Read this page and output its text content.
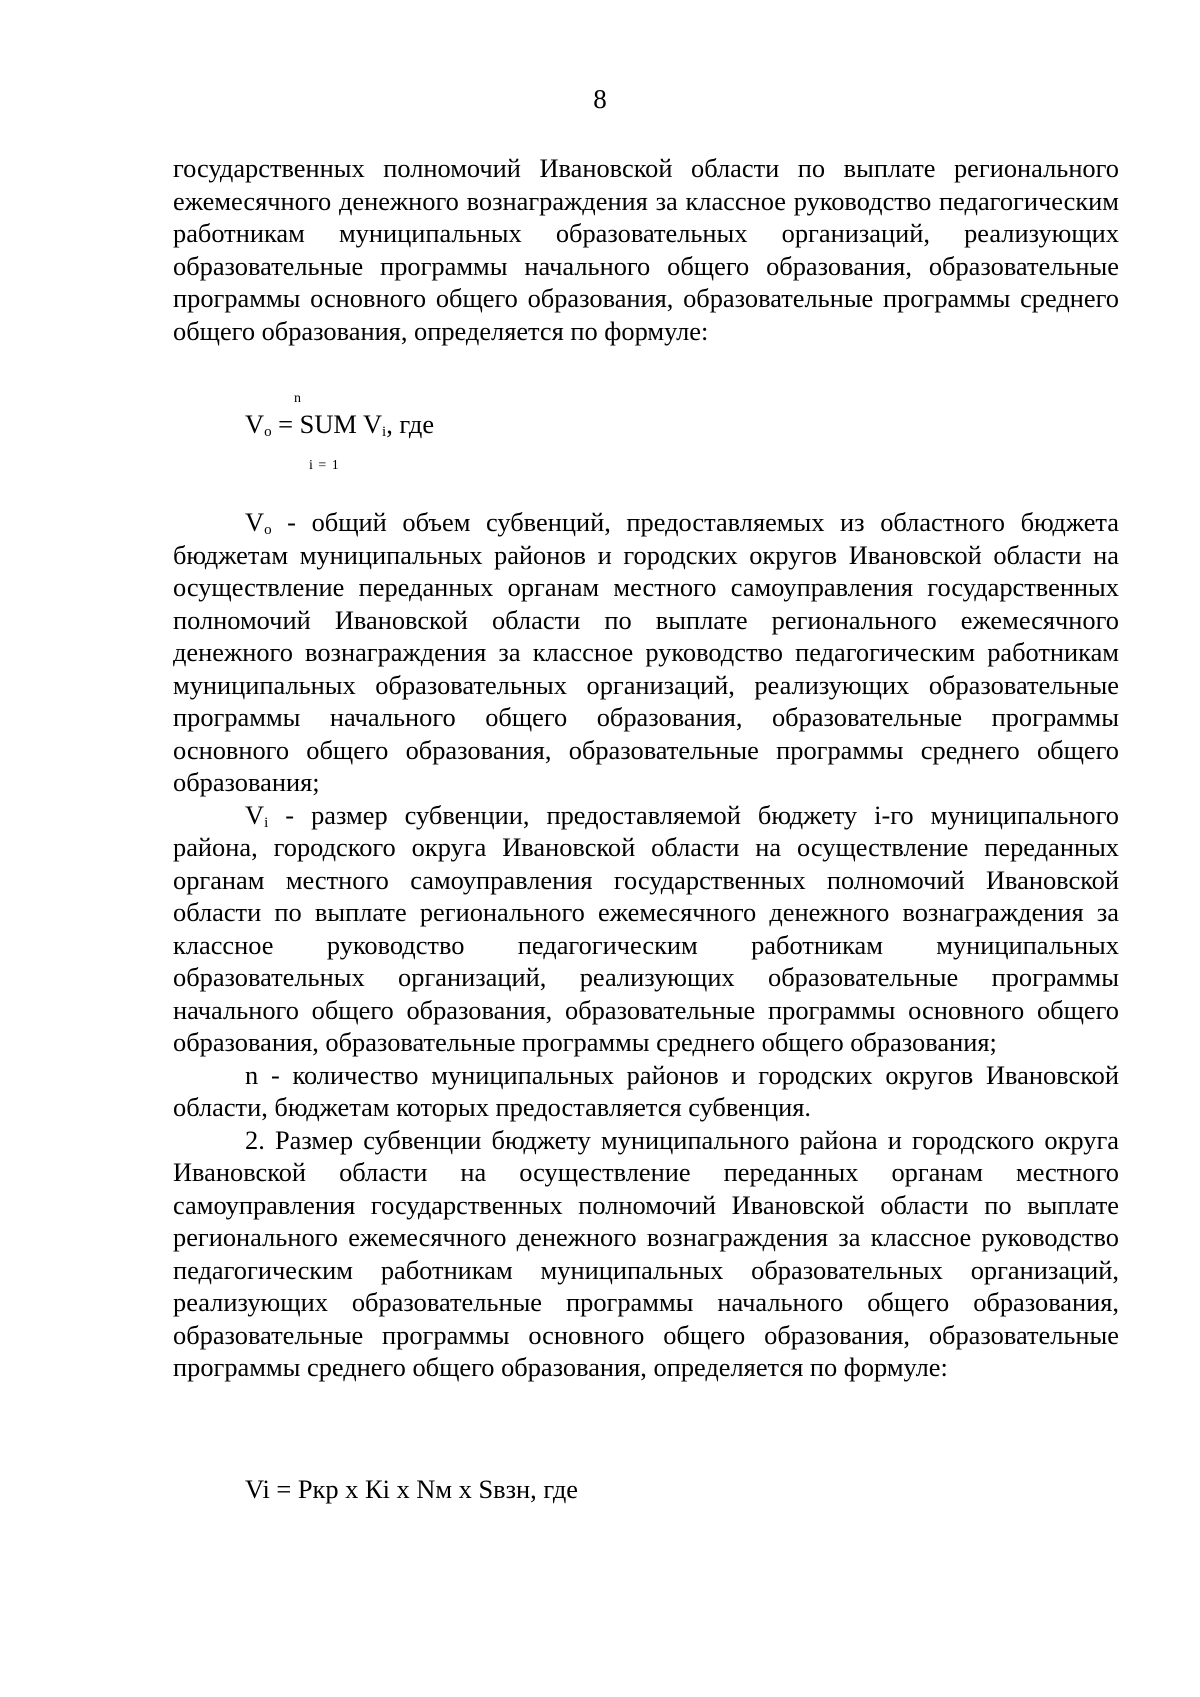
8

государственных полномочий Ивановской области по выплате регионального ежемесячного денежного вознаграждения за классное руководство педагогическим работникам муниципальных образовательных организаций, реализующих образовательные программы начального общего образования, образовательные программы основного общего образования, образовательные программы среднего общего образования, определяется по формуле:

n
$V_o$ = SUM $V_i$, где
i = 1

$V_o$ - общий объем субвенций, предоставляемых из областного бюджета бюджетам муниципальных районов и городских округов Ивановской области на осуществление переданных органам местного самоуправления государственных полномочий Ивановской области по выплате регионального ежемесячного денежного вознаграждения за классное руководство педагогическим работникам муниципальных образовательных организаций, реализующих образовательные программы начального общего образования, образовательные программы основного общего образования, образовательные программы среднего общего образования;

$V_i$ - размер субвенции, предоставляемой бюджету i-го муниципального района, городского округа Ивановской области на осуществление переданных органам местного самоуправления государственных полномочий Ивановской области по выплате регионального ежемесячного денежного вознаграждения за классное руководство педагогическим работникам муниципальных образовательных организаций, реализующих образовательные программы начального общего образования, образовательные программы основного общего образования, образовательные программы среднего общего образования;

n - количество муниципальных районов и городских округов Ивановской области, бюджетам которых предоставляется субвенция.

2. Размер субвенции бюджету муниципального района и городского округа Ивановской области на осуществление переданных органам местного самоуправления государственных полномочий Ивановской области по выплате регионального ежемесячного денежного вознаграждения за классное руководство педагогическим работникам муниципальных образовательных организаций, реализующих образовательные программы начального общего образования, образовательные программы основного общего образования, образовательные программы среднего общего образования, определяется по формуле:

Vi = Ркр x Кi x Nм x Sвзн, где
